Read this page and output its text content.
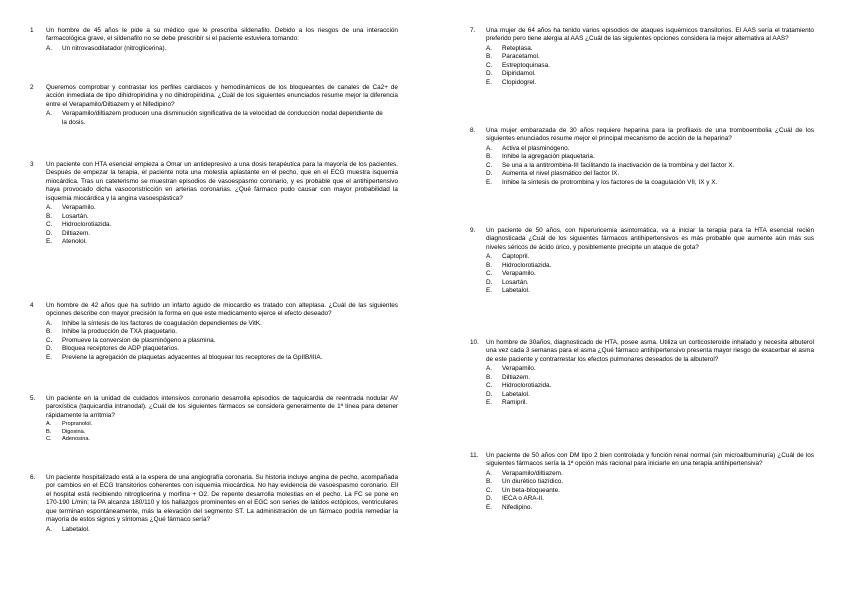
1	Un hombre de 45 años le pide a su médico que le prescriba sildenafilo. Debido a los riesgos de una interacción farmacológica grave, el sildenafilo no se debe prescribir si el paciente estuviera tomando:
A.	Un nitrovasodilatador (nitroglicerina).
2	Queremos comprobar y contrastar los perfiles cardiacos y hemodinámicos de los bloqueantes de canales de Ca2+ de acción inmediata de tipo dihidropiridina y no dihidropiridina. ¿Cuál de los siguientes enunciados resume mejor la diferencia entre el Verapamilo/Diltiazem y el Nifedipino?
A.	Verapamilo/diltiazem producen una disminución significativa de la velocidad de conducción nodal dependiente de la dosis.
3	Un paciente con HTA esencial empieza a Omar un antidepresivo a una dosis terapéutica para la mayoría de los pacientes. Después de empezar la terapia, el paciente nota una molestia aplastante en el pecho, que en el ECG muestra isquemia miocárdica. Tras un cateterismo se muestran episodios de vasoespasmo coronario, y es probable que el antihipertensivo haya provocado dicha vasoconstricción en arterias coronarias. ¿Qué fármaco pudo causar con mayor probabilidad la isquemia miocárdica y la angina vasoespástica?
A.	Verapamilo.
B.	Losartán.
C.	Hidroclorotiazida.
D.	Diltiazem.
E.	Atenolol.
4	Un hombre de 42 años que ha sufrido un infarto agudo de miocardio es tratado con alteplasa. ¿Cuál de las siguientes opciones describe con mayor precisión la forma en que este medicamento ejerce el efecto deseado?
A.	Inhibe la síntesis de los factores de coagulación dependientes de VitK.
B.	Inhibe la producción de TXA plaquetario.
C.	Promueve la conversion de plasminógeno a plasmina.
D.	Bloquea receptores de ADP plaquetarios.
E.	Previene la agregación de plaquetas adyacentes al bloquear los receptores de la GpIIB/IIIA.
5.	Un paciente en la unidad de cuidados intensivos coronario desarrolla episodios de taquicardia de reentrada nodular AV paroxística (taquicardia intranodal). ¿Cuál de los siguientes fármacos se considera generalmente de 1ª línea para detener rápidamente la arritmia?
A.	Propranolol.
B.	Digoxina.
C.	Adenosina.
6.	Un paciente hospitalizado está a la espera de una angiografía coronaria. Su historia incluye angina de pecho, acompañada por cambios en el ECG transitorios coherentes con isquemia miocárdica. No hay evidencia de vasoespasmo coronario. Ell el hospital está recibiendo nitroglicerina y morfina + O2. De repente desarrolla molestias en el pecho. La FC se pone en 170-190 L/min; la PA alcanza 180/110 y los hallazgos prominentes en el EGC son series de latidos ectópicos, ventriculares que terminan espontáneamente, más la elevación del segmento ST. La administración de un fármaco podría remediar la mayoría de estos signos y síntomas ¿Qué fármaco sería?
A.	Labetalol.
7.	Una mujer de 64 años ha tenido varios episodios de ataques isquémicos transitorios. El AAS sería el tratamiento preferido pero tiene alergia al AAS ¿Cuál de las siguientes opciones considera la mejor alternativa al AAS?
A.	Reteplasa.
B.	Paracetamol.
C.	Estreptoquinasa.
D.	Dipiridamol.
E.	Clopidogrel.
8.	Una mujer embarazada de 30 años requiere heparina para la profilaxis de una tromboembolia ¿Cuál de los siguientes enunciados resume mejor el principal mecanismo de acción de la heparina?
A.	Activa el plasminógeno.
B.	Inhibe la agregación plaquetaria.
C.	Se una a la antitrombina-III facilitando la inactivación de la trombina y del factor X.
D.	Aumenta el nivel plasmático del factor IX.
E.	Inhibe la síntesis de protrombina y los factores de la coagulación VII, IX y X.
9.	Un paciente de 50 años, con hiperuricemia asintomática, va a iniciar la terapia para la HTA esencial recién diagnosticada ¿Cuál de los siguientes fármacos antihipertensivos es más probable que aumente aún más sus niveles séricos de ácido úrico, y posiblemente precipite un ataque de gota?
A.	Captopril.
B.	Hidroclorotiazida.
C.	Verapamilo.
D.	Losartán.
E.	Labetalol.
10.	Un hombre de 30años, diagnosticado de HTA, posee asma. Utiliza un corticosteroide inhalado y necesita albuterol una vez cada 3 semanas para el asma ¿Qué fármaco antihipertensivo presenta mayor riesgo de exacerbar el asma de este paciente y contrarrestar los efectos pulmonares deseados de la albuterol?
A.	Verapamilo.
B.	Diltiazem.
C.	Hidroclorotiazida.
D.	Labetalol.
E.	Ramipril.
11.	Un paciente de 50 años con DM tipo 2 bien controlada y función renal normal (sin microalbuminuria) ¿Cuál de los siguientes fármacos sería la 1ª opción más racional para iniciarle en una terapia antihipertensiva?
A.	Verapamilo/diltiazem.
B.	Un diurético tiazídico.
C.	Un beta-bloqueante.
D.	IECA o ARA-II.
E.	Nifedipino.
